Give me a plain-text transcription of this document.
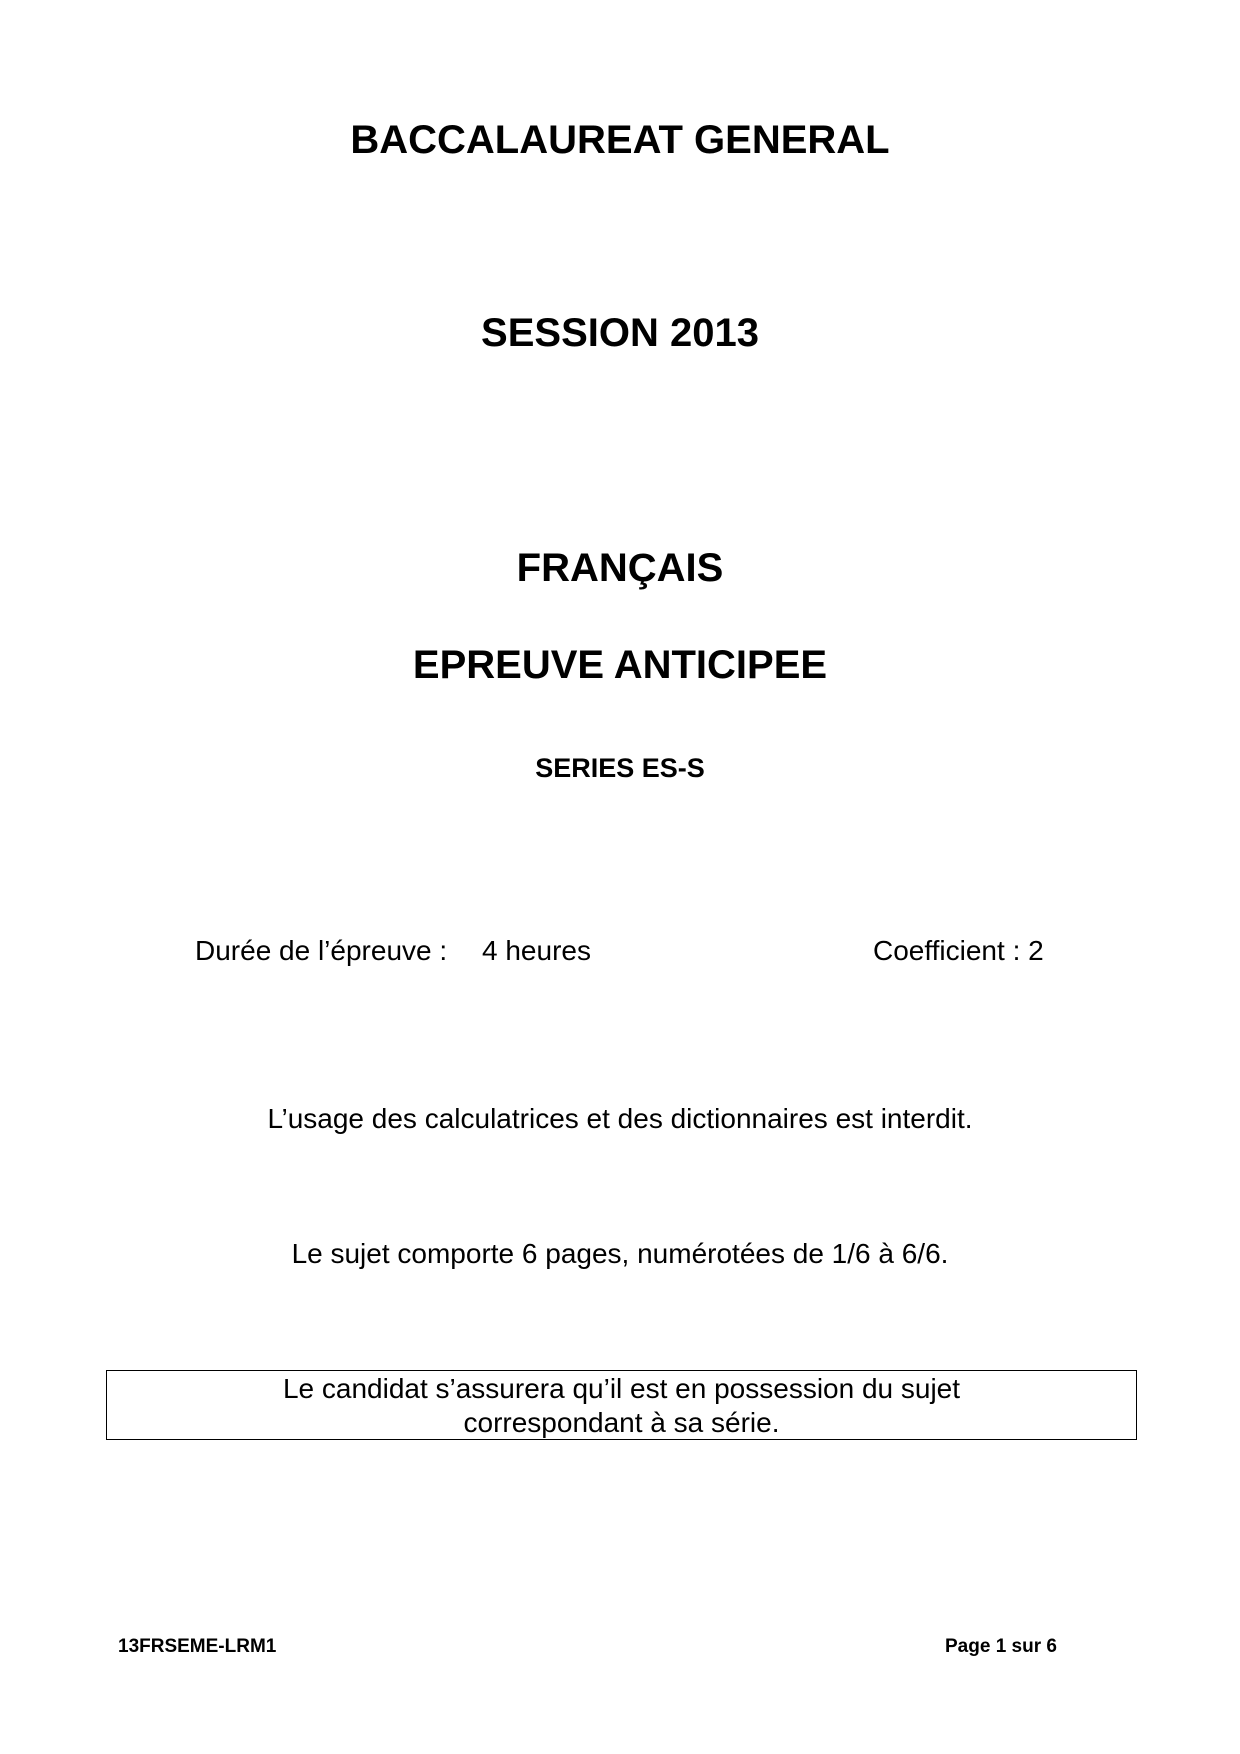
BACCALAUREAT GENERAL
SESSION 2013
FRANÇAIS
EPREUVE ANTICIPEE
SERIES ES-S
Durée de l’épreuve : 4 heures	Coefficient : 2
L’usage des calculatrices et des dictionnaires est interdit.
Le sujet comporte 6 pages, numérotées de 1/6 à 6/6.
Le candidat s’assurera qu’il est en possession du sujet
correspondant à sa série.
13FRSEME-LRM1	Page 1 sur 6
